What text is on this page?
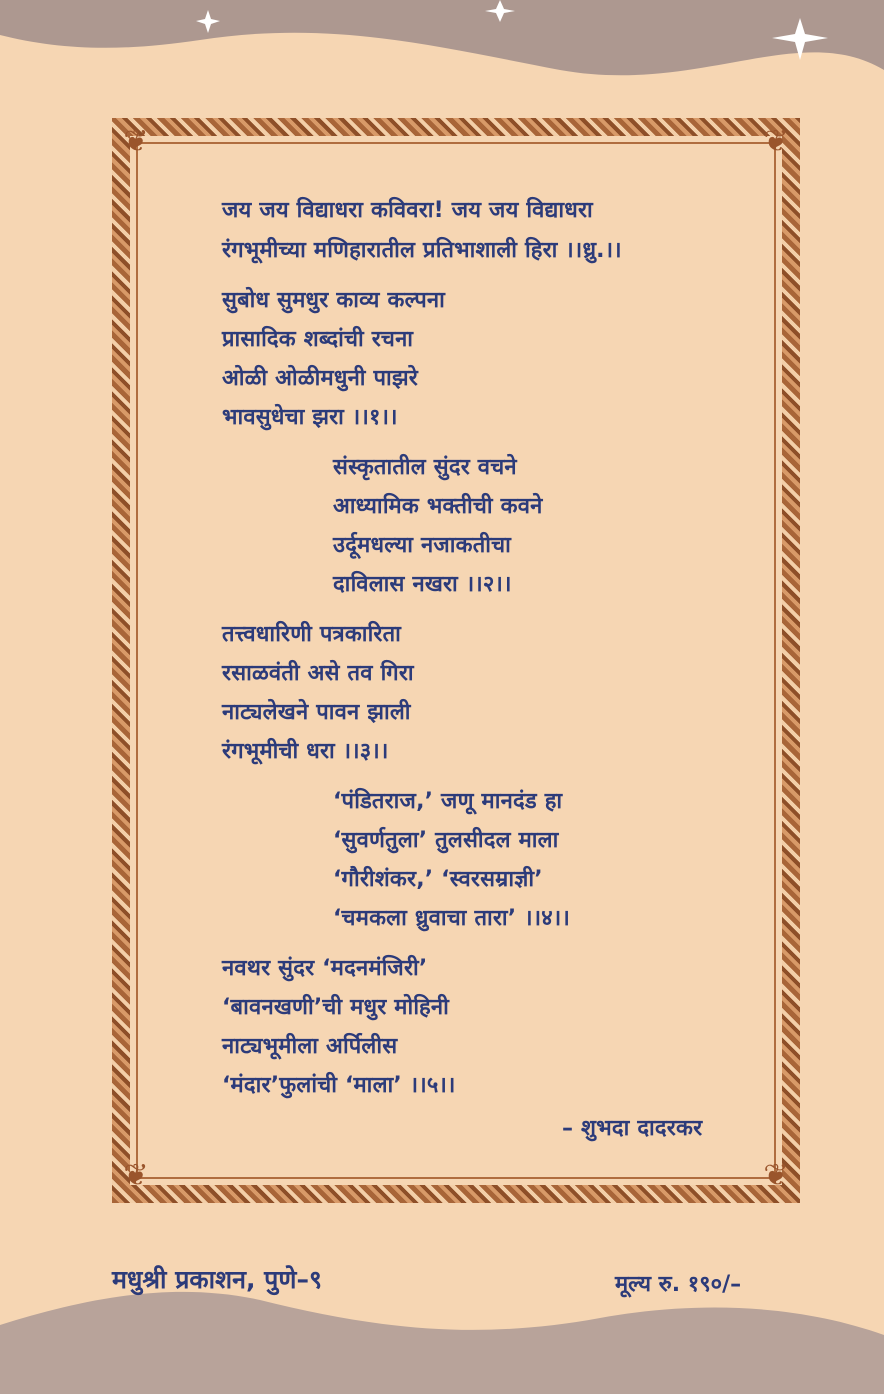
❦	❦
❦	❦
जय जय विद्याधरा कविवरा! जय जय विद्याधरा
रंगभूमीच्या मणिहारातील प्रतिभाशाली हिरा ।।ध्रु.।।
सुबोध सुमधुर काव्य कल्पना
प्रासादिक शब्दांची रचना
ओळी ओळीमधुनी पाझरे
भावसुधेचा झरा ।।१।।
संस्कृतातील सुंदर वचने
आध्यामिक भक्तीची कवने
उर्दूमधल्या नजाकतीचा
दाविलास नखरा ।।२।।
तत्त्वधारिणी पत्रकारिता
रसाळवंती असे तव गिरा
नाट्यलेखने पावन झाली
रंगभूमीची धरा ।।३।।
‘पंडितराज,’ जणू मानदंड हा
‘सुवर्णतुला’ तुलसीदल माला
‘गौरीशंकर,’ ‘स्वरसम्राज्ञी’
‘चमकला ध्रुवाचा तारा’ ।।४।।
नवथर सुंदर ‘मदनमंजिरी’
‘बावनखणी’ची मधुर मोहिनी
नाट्यभूमीला अर्पिलीस
‘मंदार’फुलांची ‘माला’ ।।५।।
– शुभदा दादरकर
मधुश्री प्रकाशन, पुणे–९	मूल्य रु. १९०/–
